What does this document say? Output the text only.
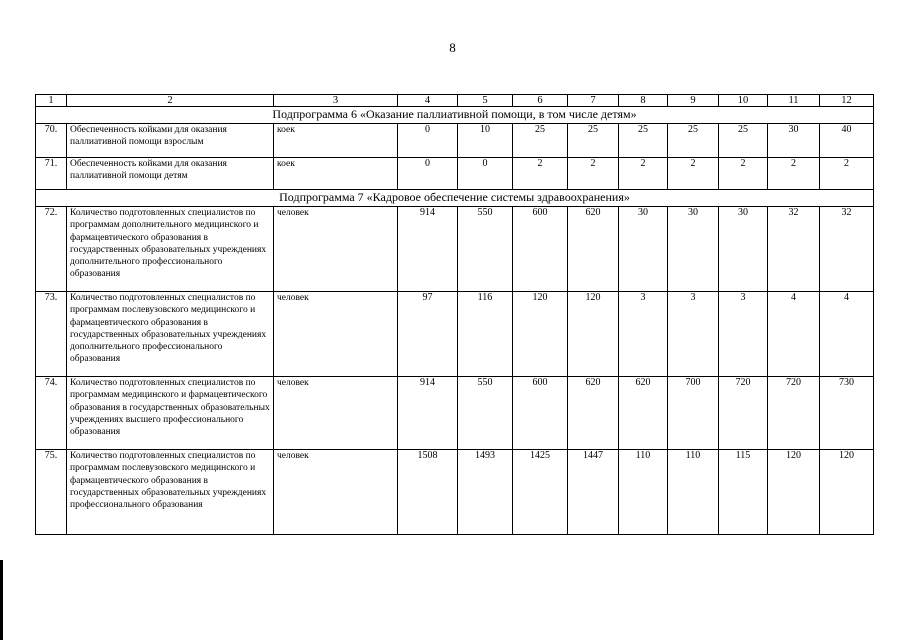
8
1	2	3	4	5	6	7	8	9	10	11	12
Подпрограмма 6 «Оказание паллиативной помощи, в том числе детям»											
70.	Обеспеченность койками для оказания паллиативной помощи взрослым	коек	0	10	25	25	25	25	25	30	40
71.	Обеспеченность койками для оказания паллиативной помощи детям	коек	0	0	2	2	2	2	2	2	2
Подпрограмма 7 «Кадровое обеспечение системы здравоохранения»											
72.	Количество подготовленных специалистов по программам дополнительного медицинского и фармацевтического образования в государственных образовательных учреждениях дополнительного профессионального образования	человек	914	550	600	620	30	30	30	32	32
73.	Количество подготовленных специалистов по программам послевузовского медицинского и фармацевтического образования в государственных образовательных учреждениях дополнительного профессионального образования	человек	97	116	120	120	3	3	3	4	4
74.	Количество подготовленных специалистов по программам медицинского и фармацевтического образования в государственных образовательных учреждениях высшего профессионального образования	человек	914	550	600	620	620	700	720	720	730
75.	Количество подготовленных специалистов по программам послевузовского медицинского и фармацевтического образования в государственных образовательных учреждениях профессионального образования	человек	1508	1493	1425	1447	110	110	115	120	120
